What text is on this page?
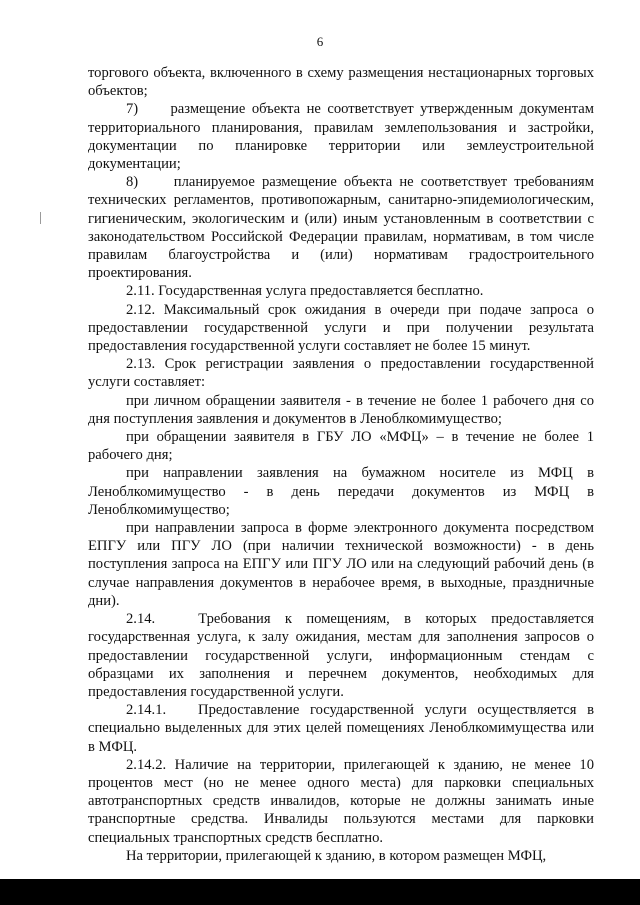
6

торгового объекта, включенного в схему размещения нестационарных торговых объектов;

7)     размещение объекта не соответствует утвержденным документам территориального планирования, правилам землепользования и застройки, документации по планировке территории или землеустроительной документации;

8)     планируемое размещение объекта не соответствует требованиям технических регламентов, противопожарным, санитарно-эпидемиологическим, гигиеническим, экологическим и (или) иным установленным в соответствии с законодательством Российской Федерации правилам, нормативам, в том числе правилам благоустройства и (или) нормативам градостроительного проектирования.

2.11. Государственная услуга предоставляется бесплатно.

2.12. Максимальный срок ожидания в очереди при подаче запроса о предоставлении государственной услуги и при получении результата предоставления государственной услуги составляет не более 15 минут.

2.13. Срок регистрации заявления о предоставлении государственной услуги составляет:

при личном обращении заявителя - в течение не более 1 рабочего дня со дня поступления заявления и документов в Леноблкомимущество;

при обращении заявителя в ГБУ ЛО «МФЦ» – в течение не более 1 рабочего дня;

при направлении заявления на бумажном носителе из МФЦ в Леноблкомимущество - в день передачи документов из МФЦ в Леноблкомимущество;

при направлении запроса в форме электронного документа посредством ЕПГУ или ПГУ ЛО (при наличии технической возможности) - в день поступления запроса на ЕПГУ или ПГУ ЛО или на следующий рабочий день (в случае направления документов в нерабочее время, в выходные, праздничные дни).

2.14.   Требования к помещениям, в которых предоставляется государственная услуга, к залу ожидания, местам для заполнения запросов о предоставлении государственной услуги, информационным стендам с образцами их заполнения и перечнем документов, необходимых для предоставления государственной услуги.

2.14.1.   Предоставление государственной услуги осуществляется в специально выделенных для этих целей помещениях Леноблкомимущества или в МФЦ.

2.14.2. Наличие на территории, прилегающей к зданию, не менее 10 процентов мест (но не менее одного места) для парковки специальных автотранспортных средств инвалидов, которые не должны занимать иные транспортные средства. Инвалиды пользуются местами для парковки специальных транспортных средств бесплатно.

На территории, прилегающей к зданию, в котором размещен МФЦ,
